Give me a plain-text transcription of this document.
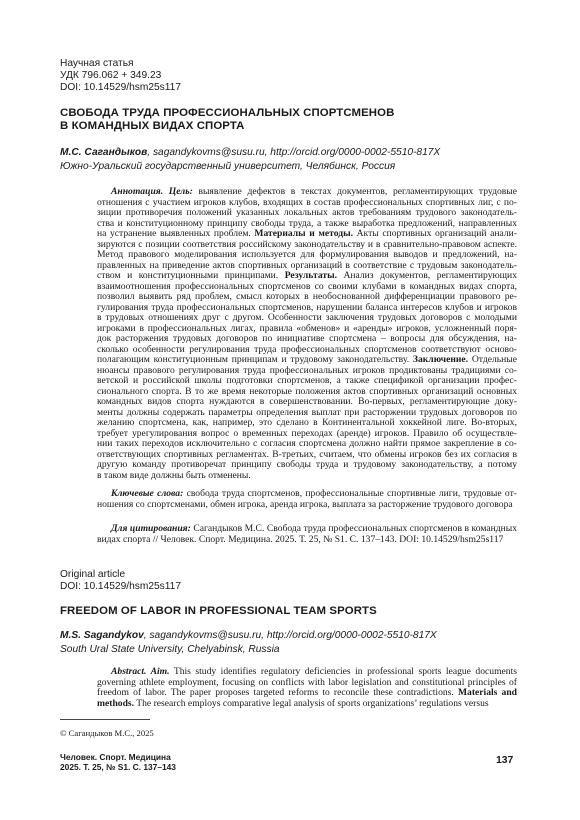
Научная статья
УДК 796.062 + 349.23
DOI: 10.14529/hsm25s117
СВОБОДА ТРУДА ПРОФЕССИОНАЛЬНЫХ СПОРТСМЕНОВ
В КОМАНДНЫХ ВИДАХ СПОРТА
М.С. Сагандыков, sagandykovms@susu.ru, http://orcid.org/0000-0002-5510-817X
Южно-Уральский государственный университет, Челябинск, Россия
Аннотация. Цель: выявление дефектов в текстах документов, регламентирующих трудовые
отношения с участием игроков клубов, входящих в состав профессиональных спортивных лиг, с по-
зиции противоречия положений указанных локальных актов требованиям трудового законодатель-
ства и конституционному принципу свободы труда, а также выработка предложений, направленных
на устранение выявленных проблем. Материалы и методы. Акты спортивных организаций анали-
зируются с позиции соответствия российскому законодательству и в сравнительно-правовом аспекте.
Метод правового моделирования используется для формулирования выводов и предложений, на-
правленных на приведение актов спортивных организаций в соответствие с трудовым законодатель-
ством и конституционными принципами. Результаты. Анализ документов, регламентирующих
взаимоотношения профессиональных спортсменов со своими клубами в командных видах спорта,
позволил выявить ряд проблем, смысл которых в необоснованной дифференциации правового ре-
гулирования труда профессиональных спортсменов, нарушении баланса интересов клубов и игроков
в трудовых отношениях друг с другом. Особенности заключения трудовых договоров с молодыми
игроками в профессиональных лигах, правила «обменов» и «аренды» игроков, усложненный поря-
док расторжения трудовых договоров по инициативе спортсмена – вопросы для обсуждения, на-
сколько особенности регулирования труда профессиональных спортсменов соответствуют осново-
полагающим конституционным принципам и трудовому законодательству. Заключение. Отдельные
нюансы правового регулирования труда профессиональных игроков продиктованы традициями со-
ветской и российской школы подготовки спортсменов, а также спецификой организации профес-
сионального спорта. В то же время некоторые положения актов спортивных организаций основных
командных видов спорта нуждаются в совершенствовании. Во-первых, регламентирующие доку-
менты должны содержать параметры определения выплат при расторжении трудовых договоров по
желанию спортсмена, как, например, это сделано в Континентальной хоккейной лиге. Во-вторых,
требует урегулирования вопрос о временных переходах (аренде) игроков. Правило об осуществле-
нии таких переходов исключительно с согласия спортсмена должно найти прямое закрепление в со-
ответствующих спортивных регламентах. В-третьих, считаем, что обмены игроков без их согласия в
другую команду противоречат принципу свободы труда и трудовому законодательству, а потому
в таком виде должны быть отменены.
Ключевые слова: свобода труда спортсменов, профессиональные спортивные лиги, трудовые от-
ношения со спортсменами, обмен игрока, аренда игрока, выплата за расторжение трудового договора
Для цитирования: Сагандыков М.С. Свобода труда профессиональных спортсменов в командных
видах спорта // Человек. Спорт. Медицина. 2025. Т. 25, № S1. С. 137–143. DOI: 10.14529/hsm25s117
Original article
DOI: 10.14529/hsm25s117
FREEDOM OF LABOR IN PROFESSIONAL TEAM SPORTS
M.S. Sagandykov, sagandykovms@susu.ru, http://orcid.org/0000-0002-5510-817X
South Ural State University, Chelyabinsk, Russia
Abstract. Aim. This study identifies regulatory deficiencies in professional sports league documents
governing athlete employment, focusing on conflicts with labor legislation and constitutional principles of
freedom of labor. The paper proposes targeted reforms to reconcile these contradictions. Materials and
methods. The research employs comparative legal analysis of sports organizations’ regulations versus
© Сагандыков М.С., 2025
Человек. Спорт. Медицина
2025. Т. 25, № S1. С. 137–143
137
